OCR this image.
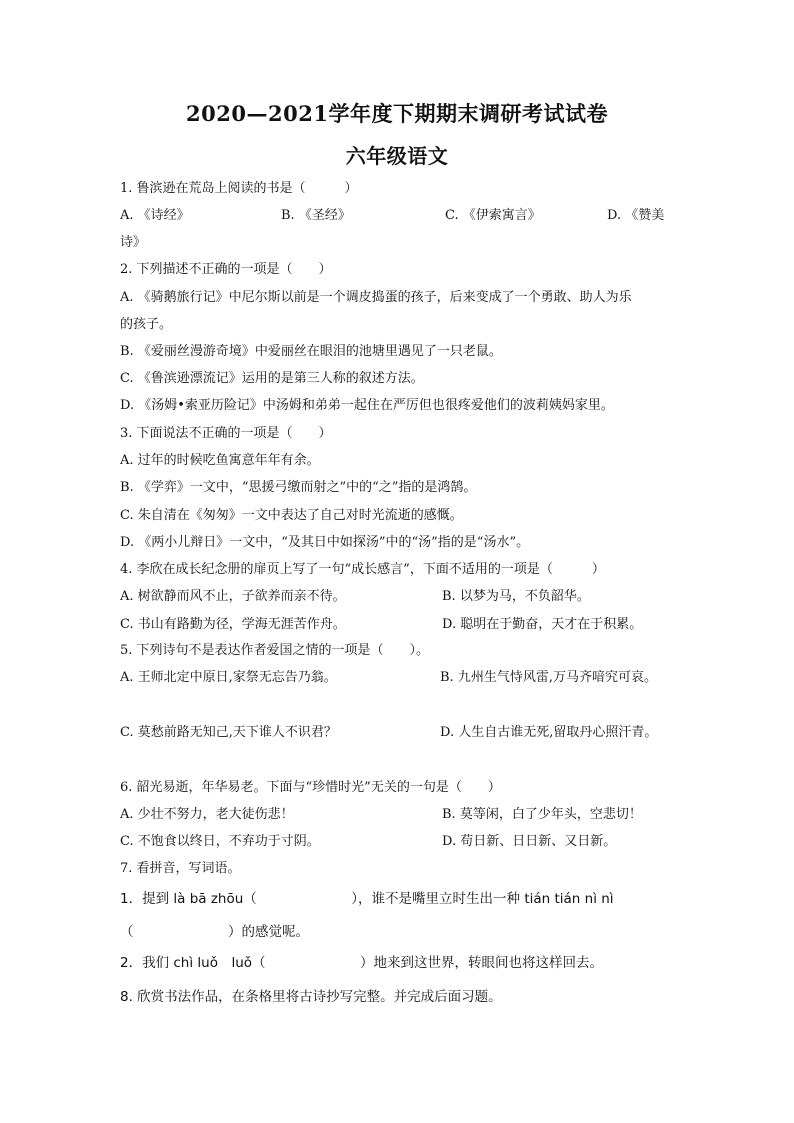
2020—2021学年度下期期末调研考试试卷
六年级语文
1. 鲁滨逊在荒岛上阅读的书是（　　　）
A. 《诗经》	B. 《圣经》	C. 《伊索寓言》	D. 《赞美
诗》
2. 下列描述不正确的一项是（　　）
A. 《骑鹅旅行记》中尼尔斯以前是一个调皮捣蛋的孩子，后来变成了一个勇敢、助人为乐
的孩子。
B. 《爱丽丝漫游奇境》中爱丽丝在眼泪的池塘里遇见了一只老鼠。
C. 《鲁滨逊漂流记》运用的是第三人称的叙述方法。
D. 《汤姆•索亚历险记》中汤姆和弟弟一起住在严厉但也很疼爱他们的波莉姨妈家里。
3. 下面说法不正确的一项是（　　）
A. 过年的时候吃鱼寓意年年有余。
B. 《学弈》一文中，“思援弓缴而射之”中的“之”指的是鸿鹄。
C. 朱自清在《匆匆》一文中表达了自己对时光流逝的感慨。
D. 《两小儿辩日》一文中，“及其日中如探汤”中的“汤”指的是“汤水”。
4. 李欣在成长纪念册的扉页上写了一句“成长感言”，下面不适用的一项是（　　　）
A. 树欲静而风不止，子欲养而亲不待。	B. 以梦为马，不负韶华。
C. 书山有路勤为径，学海无涯苦作舟。	D. 聪明在于勤奋，天才在于积累。
5. 下列诗句不是表达作者爱国之情的一项是（　　）。
A. 王师北定中原日,家祭无忘告乃翁。	B. 九州生气恃风雷,万马齐喑究可哀。
C. 莫愁前路无知己,天下谁人不识君？	D. 人生自古谁无死,留取丹心照汗青。
6. 韶光易逝，年华易老。下面与“珍惜时光”无关的一句是（　　）
A. 少壮不努力，老大徒伤悲！	B. 莫等闲，白了少年头，空悲切！
C. 不饱食以终日，不弃功于寸阴。	D. 苟日新、日日新、又日新。
7. 看拼音，写词语。
1．提到 là bā zhōu（　　　　　　　），谁不是嘴里立时生出一种 tián tián nì nì
（　　　　　　　）的感觉呢。
2．我们 chì luǒ　luǒ（　　　　　　　）地来到这世界，转眼间也将这样回去。
8. 欣赏书法作品，在条格里将古诗抄写完整。并完成后面习题。
